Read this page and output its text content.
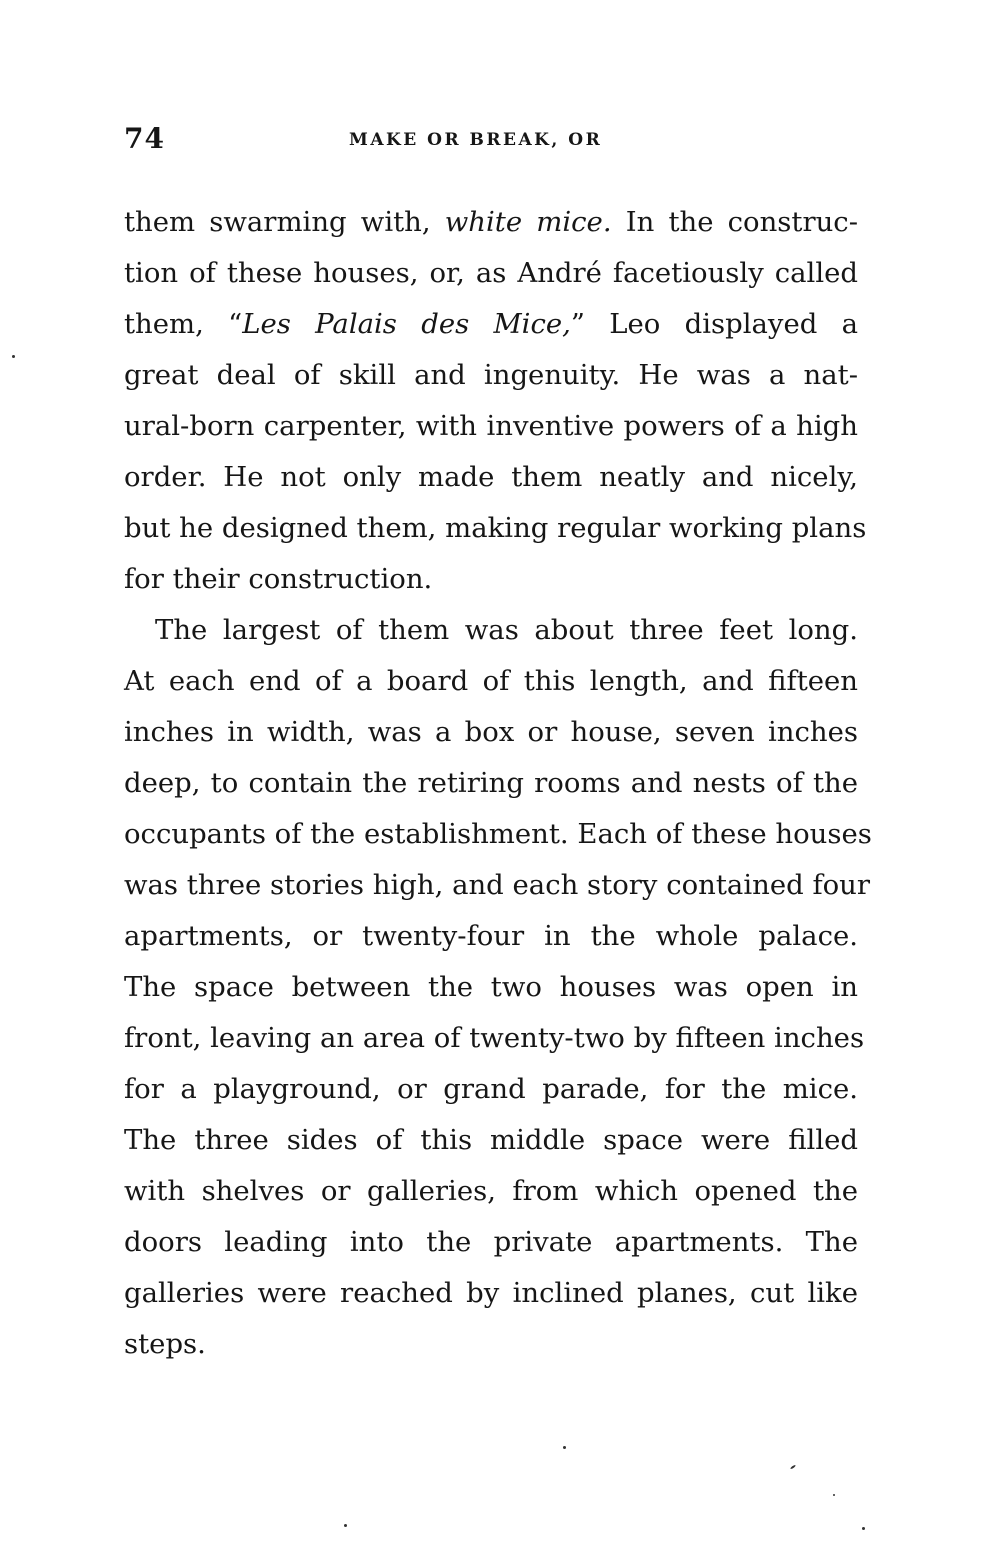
74	MAKE OR BREAK, OR

them swarming with, white mice. In the construc-
tion of these houses, or, as André facetiously called
them, “Les Palais des Mice,” Leo displayed a
great deal of skill and ingenuity. He was a nat-
ural-born carpenter, with inventive powers of a high
order. He not only made them neatly and nicely,
but he designed them, making regular working plans
for their construction.

The largest of them was about three feet long.
At each end of a board of this length, and fifteen
inches in width, was a box or house, seven inches
deep, to contain the retiring rooms and nests of the
occupants of the establishment. Each of these houses
was three stories high, and each story contained four
apartments, or twenty-four in the whole palace.
The space between the two houses was open in
front, leaving an area of twenty-two by fifteen inches
for a playground, or grand parade, for the mice.
The three sides of this middle space were filled
with shelves or galleries, from which opened the
doors leading into the private apartments. The
galleries were reached by inclined planes, cut like
steps.
